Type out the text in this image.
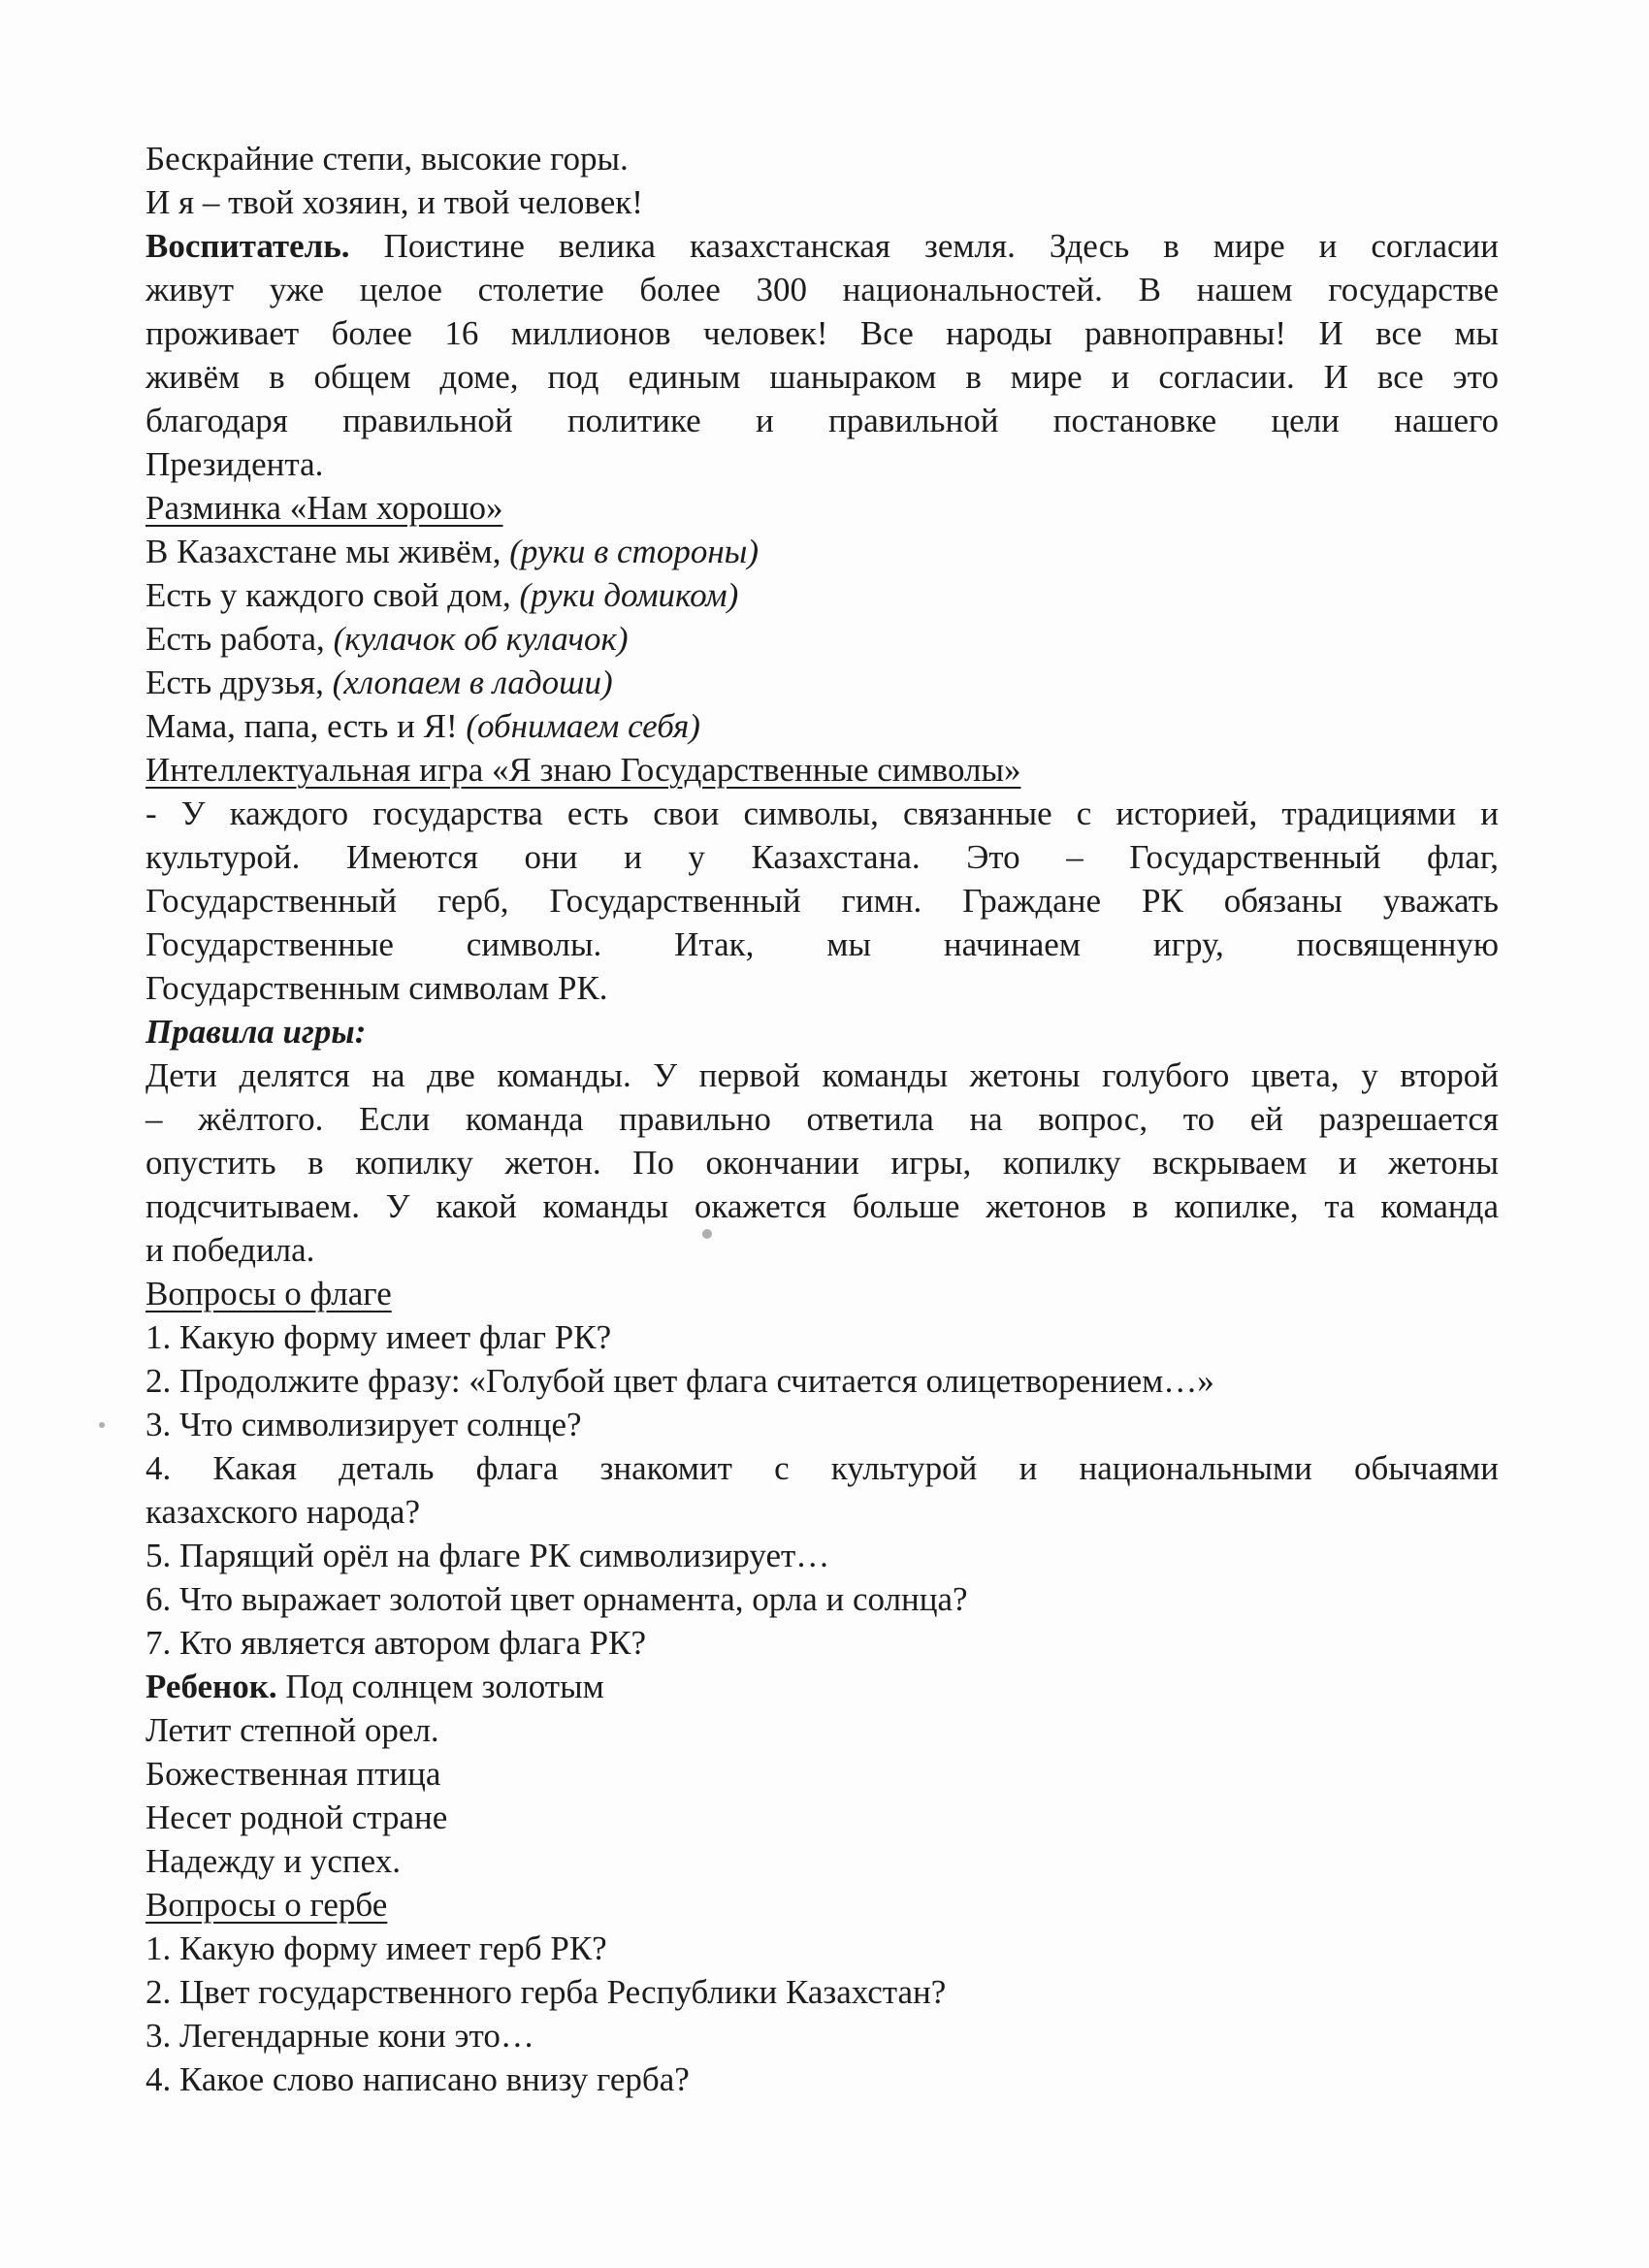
Бескрайние степи, высокие горы.
И я – твой хозяин, и твой человек!
Воспитатель. Поистине велика казахстанская земля. Здесь в мире и согласии
живут уже целое столетие более 300 национальностей. В нашем государстве
проживает более 16 миллионов человек! Все народы равноправны! И все мы
живём в общем доме, под единым шаныраком в мире и согласии. И все это
благодаря правильной политике и правильной постановке цели нашего
Президента.
Разминка «Нам хорошо»
В Казахстане мы живём, (руки в стороны)
Есть у каждого свой дом, (руки домиком)
Есть работа, (кулачок об кулачок)
Есть друзья, (хлопаем в ладоши)
Мама, папа, есть и Я! (обнимаем себя)
Интеллектуальная игра «Я знаю Государственные символы»
- У каждого государства есть свои символы, связанные с историей, традициями и
культурой. Имеются они и у Казахстана. Это – Государственный флаг,
Государственный герб, Государственный гимн. Граждане РК обязаны уважать
Государственные символы. Итак, мы начинаем игру, посвященную
Государственным символам РК.
Правила игры:
Дети делятся на две команды. У первой команды жетоны голубого цвета, у второй
– жёлтого. Если команда правильно ответила на вопрос, то ей разрешается
опустить в копилку жетон. По окончании игры, копилку вскрываем и жетоны
подсчитываем. У какой команды окажется больше жетонов в копилке, та команда
и победила.
Вопросы о флаге
1. Какую форму имеет флаг РК?
2. Продолжите фразу: «Голубой цвет флага считается олицетворением…»
3. Что символизирует солнце?
4. Какая деталь флага знакомит с культурой и национальными обычаями
казахского народа?
5. Парящий орёл на флаге РК символизирует…
6. Что выражает золотой цвет орнамента, орла и солнца?
7. Кто является автором флага РК?
Ребенок. Под солнцем золотым
Летит степной орел.
Божественная птица
Несет родной стране
Надежду и успех.
Вопросы о гербе
1. Какую форму имеет герб РК?
2. Цвет государственного герба Республики Казахстан?
3. Легендарные кони это…
4. Какое слово написано внизу герба?
